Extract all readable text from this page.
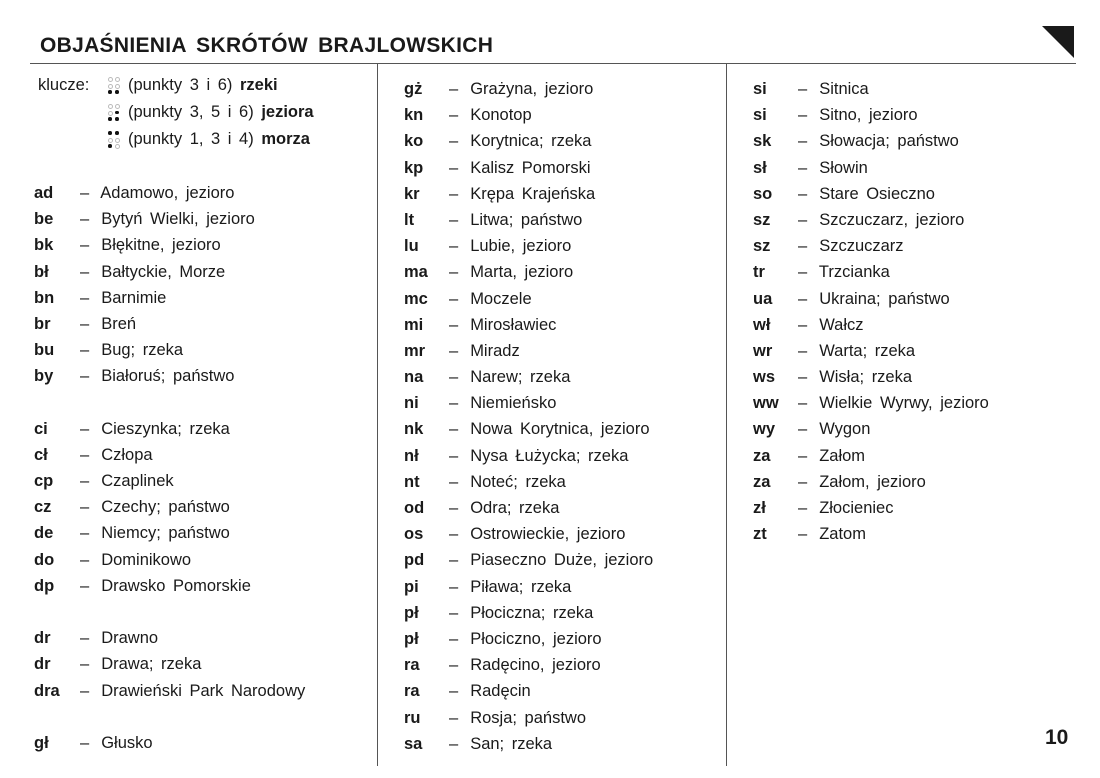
OBJAŚNIENIA SKRÓTÓW BRAJLOWSKICH
klucze: (punkty 3 i 6) rzeki
(punkty 3, 5 i 6) jeziora
(punkty 1, 3 i 4) morza
ad – Adamowo, jezioro
be – Bytyń Wielki, jezioro
bk – Błękitne, jezioro
bł – Bałtyckie, Morze
bn – Barnimie
br – Breń
bu – Bug; rzeka
by – Białoruś; państwo
ci – Cieszynka; rzeka
cł – Człopa
cp – Czaplinek
cz – Czechy; państwo
de – Niemcy; państwo
do – Dominikowo
dp – Drawsko Pomorskie
dr – Drawno
dr – Drawa; rzeka
dra – Drawieński Park Narodowy
gł – Głusko
gż – Grażyna, jezioro
kn – Konotop
ko – Korytnica; rzeka
kp – Kalisz Pomorski
kr – Krępa Krajeńska
lt – Litwa; państwo
lu – Lubie, jezioro
ma – Marta, jezioro
mc – Moczele
mi – Mirosławiec
mr – Miradz
na – Narew; rzeka
ni – Niemieńsko
nk – Nowa Korytnica, jezioro
nł – Nysa Łużycka; rzeka
nt – Noteć; rzeka
od – Odra; rzeka
os – Ostrowieckie, jezioro
pd – Piaseczno Duże, jezioro
pi – Piława; rzeka
pł – Płociczna; rzeka
pł – Płociczno, jezioro
ra – Radęcino, jezioro
ra – Radęcin
ru – Rosja; państwo
sa – San; rzeka
si – Sitnica
si – Sitno, jezioro
sk – Słowacja; państwo
sł – Słowin
so – Stare Osieczno
sz – Szczuczarz, jezioro
sz – Szczuczarz
tr – Trzcianka
ua – Ukraina; państwo
wł – Wałcz
wr – Warta; rzeka
ws – Wisła; rzeka
ww – Wielkie Wyrwy, jezioro
wy – Wygon
za – Załom
za – Załom, jezioro
zł – Złocieniec
zt – Zatom
10
